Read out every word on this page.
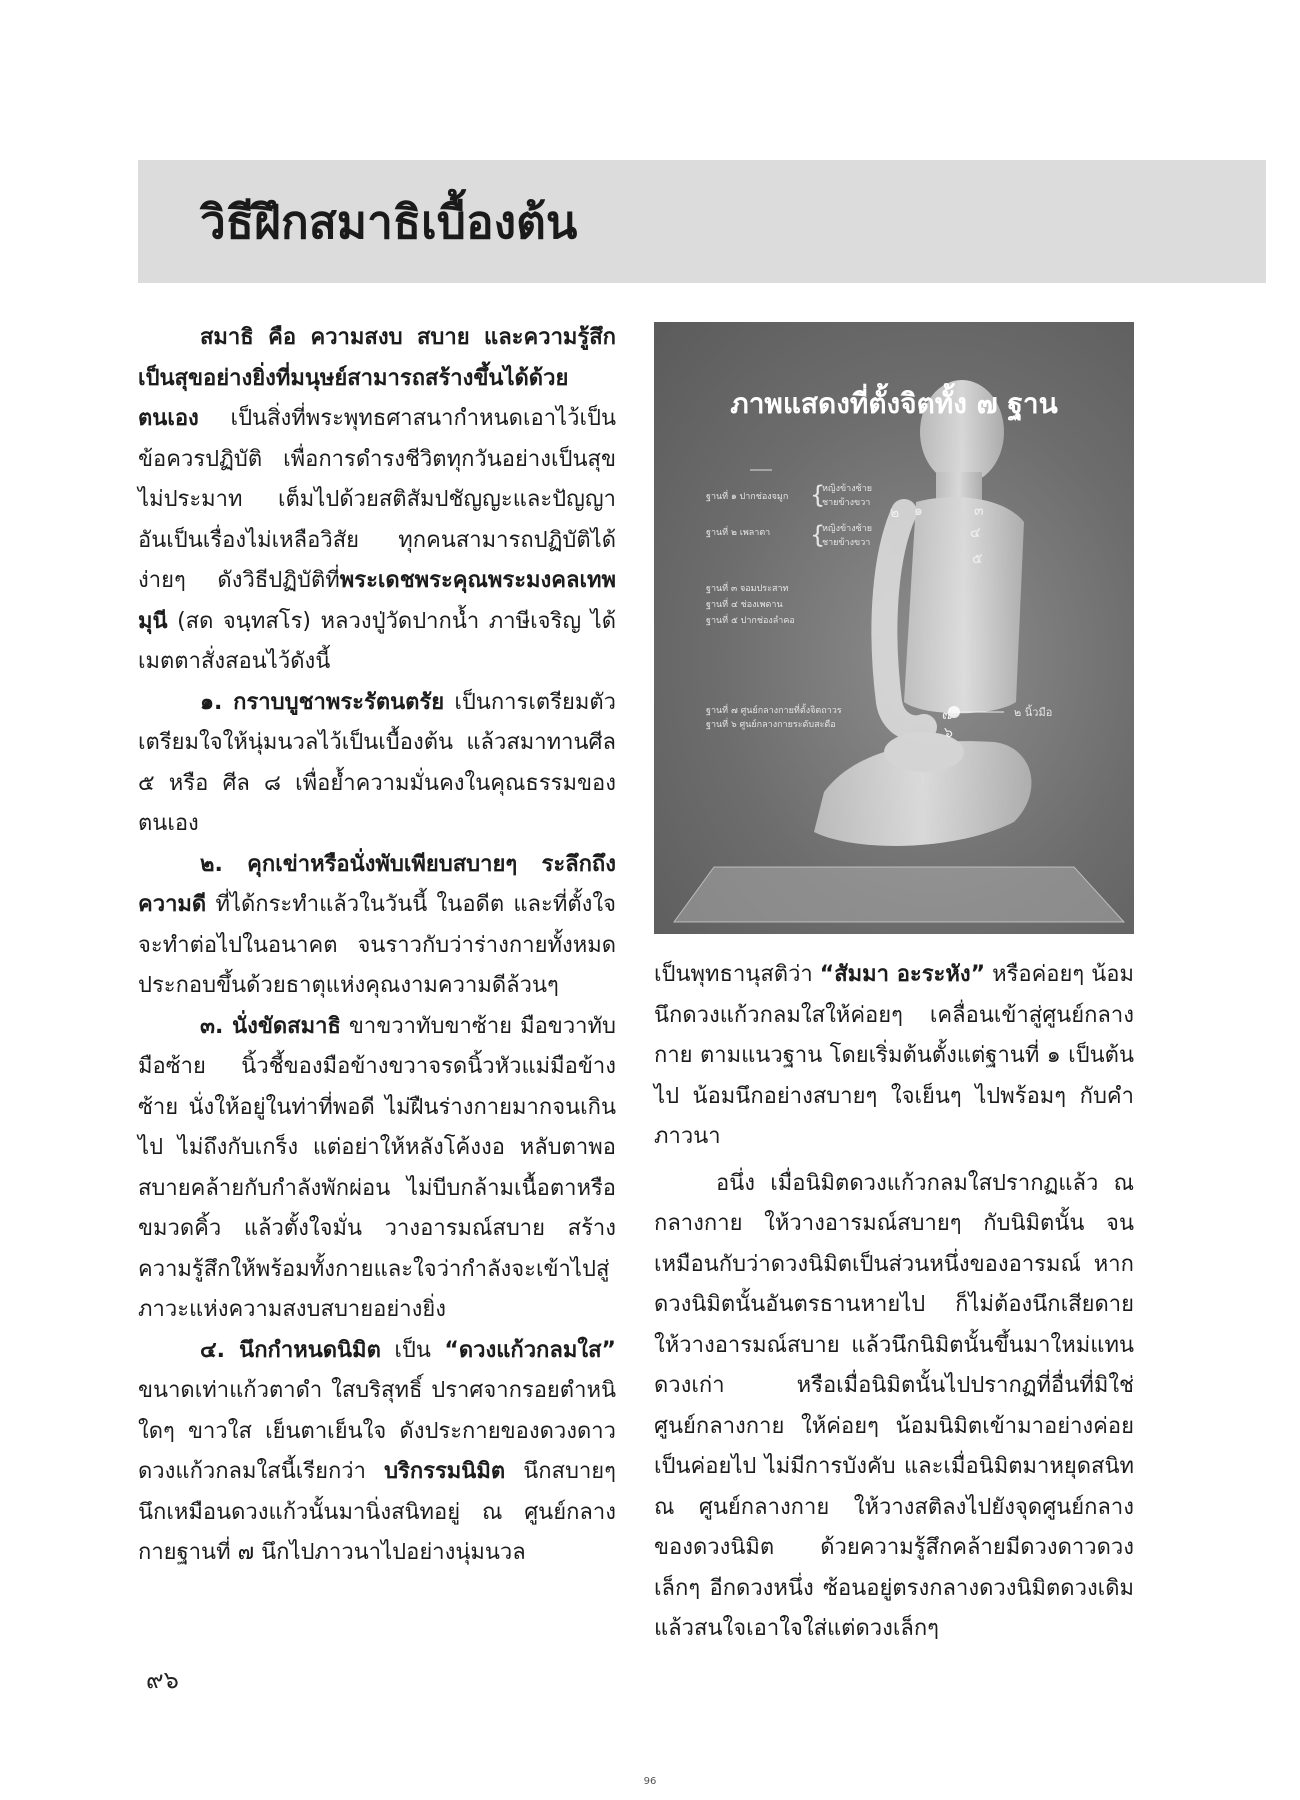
วิธีฝึกสมาธิเบื้องต้น

สมาธิ คือ ความสงบ สบาย และความรู้สึกเป็นสุขอย่างยิ่งที่มนุษย์สามารถสร้างขึ้นได้ด้วยตนเอง เป็นสิ่งที่พระพุทธศาสนากำหนดเอาไว้เป็นข้อควรปฏิบัติ เพื่อการดำรงชีวิตทุกวันอย่างเป็นสุข ไม่ประมาท เต็มไปด้วยสติสัมปชัญญะและปัญญา อันเป็นเรื่องไม่เหลือวิสัย ทุกคนสามารถปฏิบัติได้ง่ายๆ ดังวิธีปฏิบัติที่พระเดชพระคุณพระมงคลเทพมุนี (สด จนฺทสโร) หลวงปู่วัดปากน้ำ ภาษีเจริญ ได้เมตตาสั่งสอนไว้ดังนี้

๑. กราบบูชาพระรัตนตรัย เป็นการเตรียมตัวเตรียมใจให้นุ่มนวลไว้เป็นเบื้องต้น แล้วสมาทานศีล ๕ หรือ ศีล ๘ เพื่อย้ำความมั่นคงในคุณธรรมของตนเอง

๒. คุกเข่าหรือนั่งพับเพียบสบายๆ ระลึกถึงความดี ที่ได้กระทำแล้วในวันนี้ ในอดีต และที่ตั้งใจจะทำต่อไปในอนาคต จนราวกับว่าร่างกายทั้งหมดประกอบขึ้นด้วยธาตุแห่งคุณงามความดีล้วนๆ

๓. นั่งขัดสมาธิ ขาขวาทับขาซ้าย มือขวาทับมือซ้าย นิ้วชี้ของมือข้างขวาจรดนิ้วหัวแม่มือข้างซ้าย นั่งให้อยู่ในท่าที่พอดี ไม่ฝืนร่างกายมากจนเกินไป ไม่ถึงกับเกร็ง แต่อย่าให้หลังโค้งงอ หลับตาพอสบายคล้ายกับกำลังพักผ่อน ไม่บีบกล้ามเนื้อตาหรือขมวดคิ้ว แล้วตั้งใจมั่น วางอารมณ์สบาย สร้างความรู้สึกให้พร้อมทั้งกายและใจว่ากำลังจะเข้าไปสู่ภาวะแห่งความสงบสบายอย่างยิ่ง

๔. นึกกำหนดนิมิต เป็น “ดวงแก้วกลมใส” ขนาดเท่าแก้วตาดำ ใสบริสุทธิ์ ปราศจากรอยตำหนิใดๆ ขาวใส เย็นตาเย็นใจ ดังประกายของดวงดาว ดวงแก้วกลมใสนี้เรียกว่า บริกรรมนิมิต นึกสบายๆ นึกเหมือนดวงแก้วนั้นมานิ่งสนิทอยู่ ณ ศูนย์กลางกายฐานที่ ๗ นึกไปภาวนาไปอย่างนุ่มนวล

ภาพแสดงที่ตั้งจิตทั้ง ๗ ฐาน
ฐานที่ ๑ ปากช่องจมูก {
หญิงข้างซ้าย
ชายข้างขวา
ฐานที่ ๒ เพลาตา {
หญิงข้างซ้าย
ชายข้างขวา
ฐานที่ ๓ จอมประสาท
ฐานที่ ๔ ช่องเพดาน
ฐานที่ ๕ ปากช่องลำคอ
ฐานที่ ๗ ศูนย์กลางกายที่ตั้งจิตถาวร
ฐานที่ ๖ ศูนย์กลางกายระดับสะดือ
๒ นิ้วมือ
๒ ๑	๓
๔
๕
๗
๖

เป็นพุทธานุสติว่า “สัมมา อะระหัง” หรือค่อยๆ น้อมนึกดวงแก้วกลมใสให้ค่อยๆ เคลื่อนเข้าสู่ศูนย์กลางกาย ตามแนวฐาน โดยเริ่มต้นตั้งแต่ฐานที่ ๑ เป็นต้นไป น้อมนึกอย่างสบายๆ ใจเย็นๆ ไปพร้อมๆ กับคำภาวนา

อนึ่ง เมื่อนิมิตดวงแก้วกลมใสปรากฏแล้ว ณ กลางกาย ให้วางอารมณ์สบายๆ กับนิมิตนั้น จนเหมือนกับว่าดวงนิมิตเป็นส่วนหนึ่งของอารมณ์ หากดวงนิมิตนั้นอันตรธานหายไป ก็ไม่ต้องนึกเสียดาย ให้วางอารมณ์สบาย แล้วนึกนิมิตนั้นขึ้นมาใหม่แทนดวงเก่า หรือเมื่อนิมิตนั้นไปปรากฏที่อื่นที่มิใช่ศูนย์กลางกาย ให้ค่อยๆ น้อมนิมิตเข้ามาอย่างค่อยเป็นค่อยไป ไม่มีการบังคับ และเมื่อนิมิตมาหยุดสนิท ณ ศูนย์กลางกาย ให้วางสติลงไปยังจุดศูนย์กลางของดวงนิมิต ด้วยความรู้สึกคล้ายมีดวงดาวดวงเล็กๆ อีกดวงหนึ่ง ซ้อนอยู่ตรงกลางดวงนิมิตดวงเดิม แล้วสนใจเอาใจใส่แต่ดวงเล็กๆ

๙๖
96
